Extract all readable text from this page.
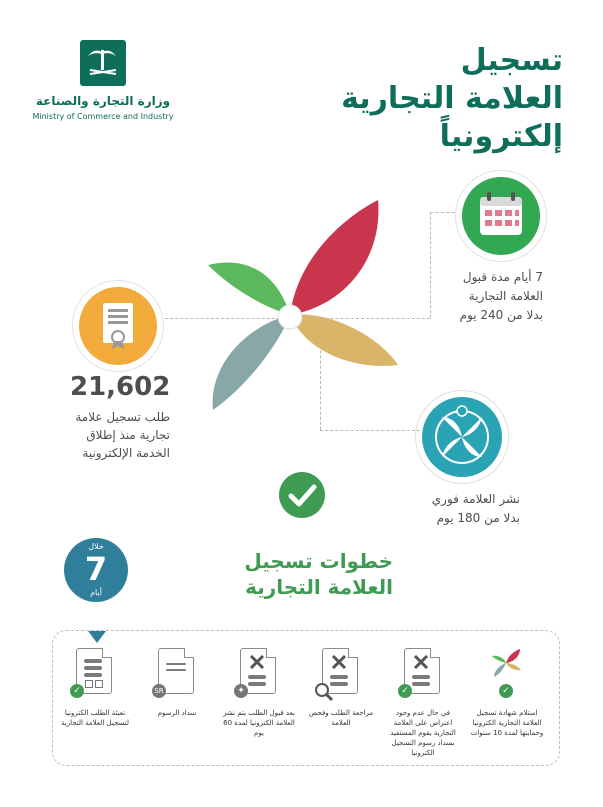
وزارة التجارة والصناعة
Ministry of Commerce and Industry
تسجيل
العلامة التجارية
إلكترونياً
7 أيام مدة قبول
العلامة التجارية
بدلا من 240 يوم
21,602
طلب تسجيل علامة
تجارية منذ إطلاق
الخدمة الإلكترونية
نشر العلامة فوري
بدلا من 180 يوم
خطوات تسجيل
العلامة التجارية
خلال
7
أيام
✓
تعبئة الطلب الكترونيا لتسجيل العلامة التجارية
SR
سداد الرسوم
✦
بعد قبول الطلب يتم نشر العلامة الكترونيا لمدة 60 يوم
مراجعة الطلب وفحص العلامة
✓
في حال عدم وجود اعتراض على العلامة التجارية يقوم المستفيد بسداد رسوم التسجيل الكترونيا
✓
استلام شهادة تسجيل العلامة التجارية الكترونيا وحمايتها لمدة 10 سنوات
